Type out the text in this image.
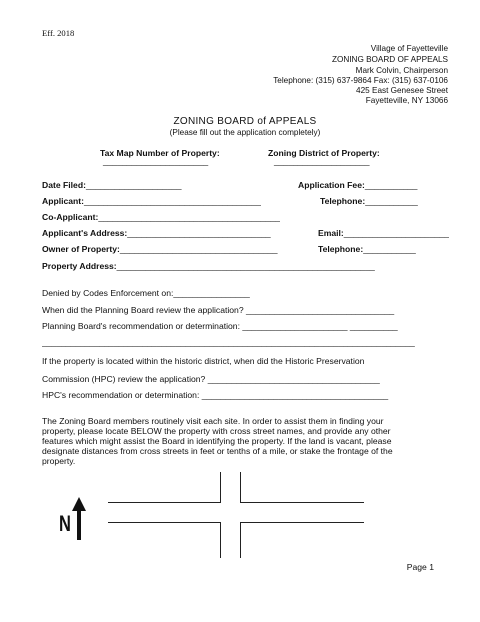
Eff. 2018
Village of Fayetteville
ZONING BOARD OF APPEALS
Mark Colvin, Chairperson
Telephone: (315) 637-9864 Fax: (315) 637-0106
425 East Genesee Street
Fayetteville, NY 13066
ZONING BOARD of APPEALS
(Please fill out the application completely)
Tax Map Number of Property:
______________________
Zoning District of Property:
____________________
Date Filed:____________________	Application Fee:___________
Applicant:_____________________________________	Telephone:___________
Co-Applicant:______________________________________
Applicant's Address:______________________________	Email:______________________
Owner of Property:_________________________________	Telephone:___________
Property Address:______________________________________________________
Denied by Codes Enforcement on:________________
When did the Planning Board review the application? _______________________________
Planning Board's recommendation or determination: ______________________ __________
______________________________________________________________________________
If the property is located within the historic district, when did the Historic Preservation
Commission (HPC) review the application? ____________________________________
HPC's recommendation or determination: _______________________________________
The Zoning Board members routinely visit each site. In order to assist them in finding your
property, please locate BELOW the property with cross street names, and provide any other
features which might assist the Board in identifying the property. If the land is vacant, please
designate distances from cross streets in feet or tenths of a mile, or stake the frontage of the
property.
N
Page 1
